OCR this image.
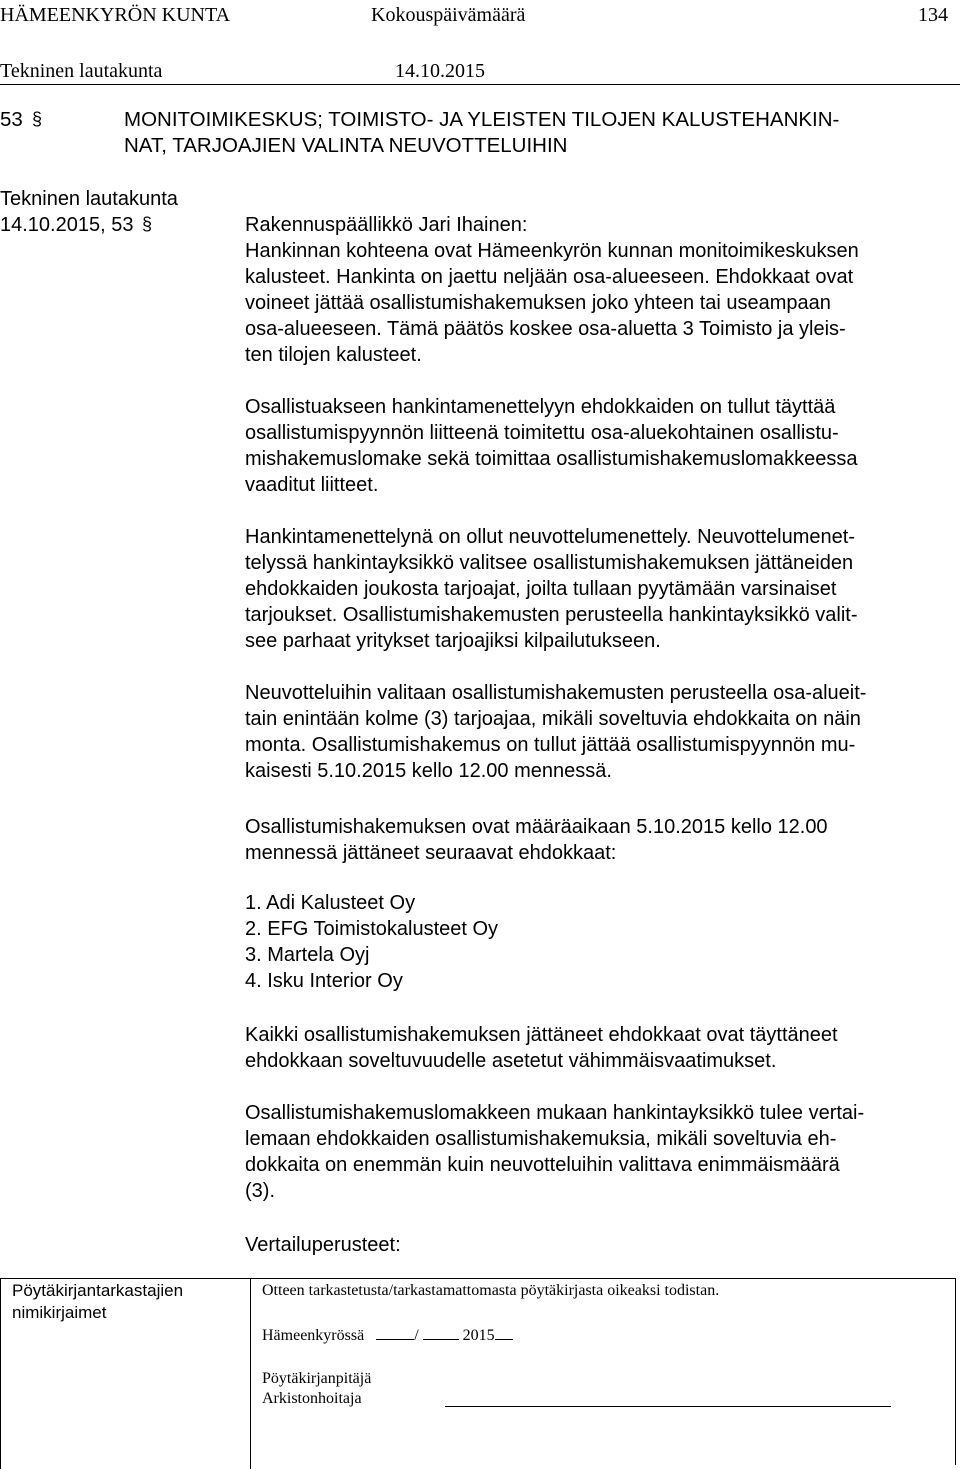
HÄMEENKYRÖN KUNTA	Kokouspäivämäärä	134
Tekninen lautakunta	14.10.2015
53 §	MONITOIMIKESKUS; TOIMISTO- JA YLEISTEN TILOJEN KALUSTEHANKIN-
NAT, TARJOAJIEN VALINTA NEUVOTTELUIHIN
Tekninen lautakunta
14.10.2015, 53 §	Rakennuspäällikkö Jari Ihainen:

Hankinnan kohteena ovat Hämeenkyrön kunnan monitoimikeskuksen

kalusteet. Hankinta on jaettu neljään osa-alueeseen. Ehdokkaat ovat

voineet jättää osallistumishakemuksen joko yhteen tai useampaan

osa-alueeseen. Tämä päätös koskee osa-aluetta 3 Toimisto ja yleis-

ten tilojen kalusteet.

Osallistuakseen hankintamenettelyyn ehdokkaiden on tullut täyttää

osallistumispyynnön liitteenä toimitettu osa-aluekohtainen osallistu-

mishakemuslomake sekä toimittaa osallistumishakemuslomakkeessa

vaaditut liitteet.

Hankintamenettelynä on ollut neuvottelumenettely. Neuvottelumenet-

telyssä hankintayksikkö valitsee osallistumishakemuksen jättäneiden

ehdokkaiden joukosta tarjoajat, joilta tullaan pyytämään varsinaiset

tarjoukset. Osallistumishakemusten perusteella hankintayksikkö valit-

see parhaat yritykset tarjoajiksi kilpailutukseen.

Neuvotteluihin valitaan osallistumishakemusten perusteella osa-alueit-

tain enintään kolme (3) tarjoajaa, mikäli soveltuvia ehdokkaita on näin

monta. Osallistumishakemus on tullut jättää osallistumispyynnön mu-

kaisesti 5.10.2015 kello 12.00 mennessä.

Osallistumishakemuksen ovat määräaikaan 5.10.2015 kello 12.00

mennessä jättäneet seuraavat ehdokkaat:

1. Adi Kalusteet Oy

2. EFG Toimistokalusteet Oy

3. Martela Oyj

4. Isku Interior Oy

Kaikki osallistumishakemuksen jättäneet ehdokkaat ovat täyttäneet

ehdokkaan soveltuvuudelle asetetut vähimmäisvaatimukset.

Osallistumishakemuslomakkeen mukaan hankintayksikkö tulee vertai-

lemaan ehdokkaiden osallistumishakemuksia, mikäli soveltuvia eh-

dokkaita on enemmän kuin neuvotteluihin valittava enimmäismäärä

(3).

Vertailuperusteet:

Pöytäkirjantarkastajien
nimikirjaimet
Otteen tarkastetusta/tarkastamattomasta pöytäkirjasta oikeaksi todistan.
Hämeenkyrössä	/	2015
Pöytäkirjanpitäjä
Arkistonhoitaja
